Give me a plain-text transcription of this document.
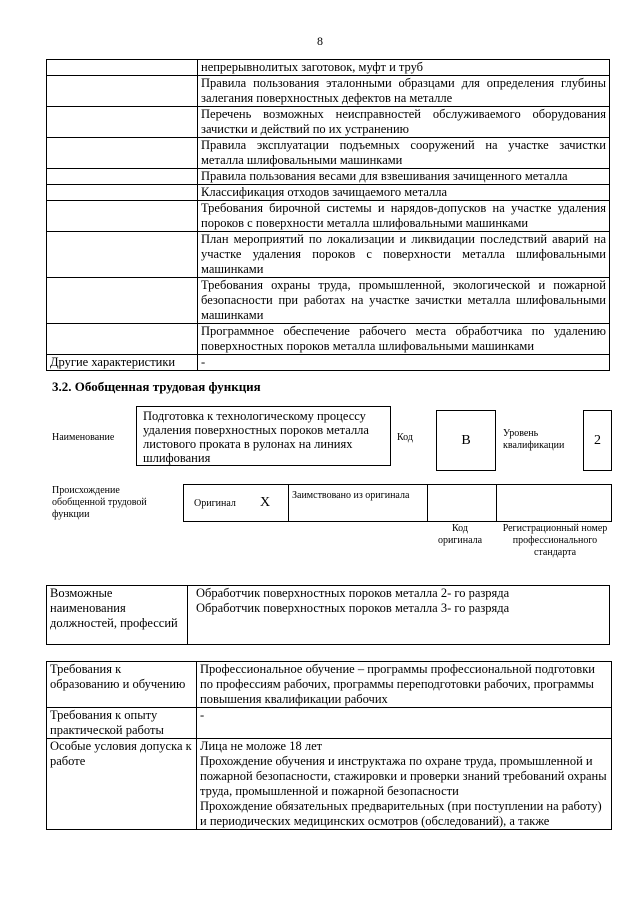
8
	непрерывнолитых заготовок, муфт и труб
	Правила пользования эталонными образцами для определения глубины залегания поверхностных дефектов на металле
	Перечень возможных неисправностей обслуживаемого оборудования зачистки и действий по их устранению
	Правила эксплуатации подъемных сооружений на участке зачистки металла шлифовальными машинками
	Правила пользования весами для взвешивания зачищенного металла
	Классификация отходов зачищаемого металла
	Требования бирочной системы и нарядов-допусков на участке удаления пороков с поверхности металла шлифовальными машинками
	План мероприятий по локализации и ликвидации последствий аварий на участке удаления пороков с поверхности металла шлифовальными машинками
	Требования охраны труда, промышленной, экологической и пожарной безопасности при работах на участке зачистки металла шлифовальными машинками
	Программное обеспечение рабочего места обработчика по удалению поверхностных пороков металла шлифовальными машинками
Другие характеристики	-
3.2. Обобщенная трудовая функция
Наименование
Подготовка к технологическому процессу удаления поверхностных пороков металла листового проката в рулонах на линиях шлифования
Код	B	Уровень квалификации	2
Происхождение обобщенной трудовой функции
Оригинал X Заимствовано из оригинала
Код оригинала
Регистрационный номер профессионального стандарта
Возможные наименования должностей, профессий	
Обработчик поверхностных пороков металла 2- го разряда
Обработчик поверхностных пороков металла 3- го разряда
Требования к образованию и обучению	Профессиональное обучение – программы профессиональной подготовки по профессиям рабочих, программы переподготовки рабочих, программы повышения квалификации рабочих

Требования к опыту практической работы	-

Особые условия допуска к работе	Лица не моложе 18 лет
Прохождение обучения и инструктажа по охране труда, промышленной и пожарной безопасности, стажировки и проверки знаний требований охраны труда, промышленной и пожарной безопасности
Прохождение обязательных предварительных (при поступлении на работу) и периодических медицинских осмотров (обследований), а также
